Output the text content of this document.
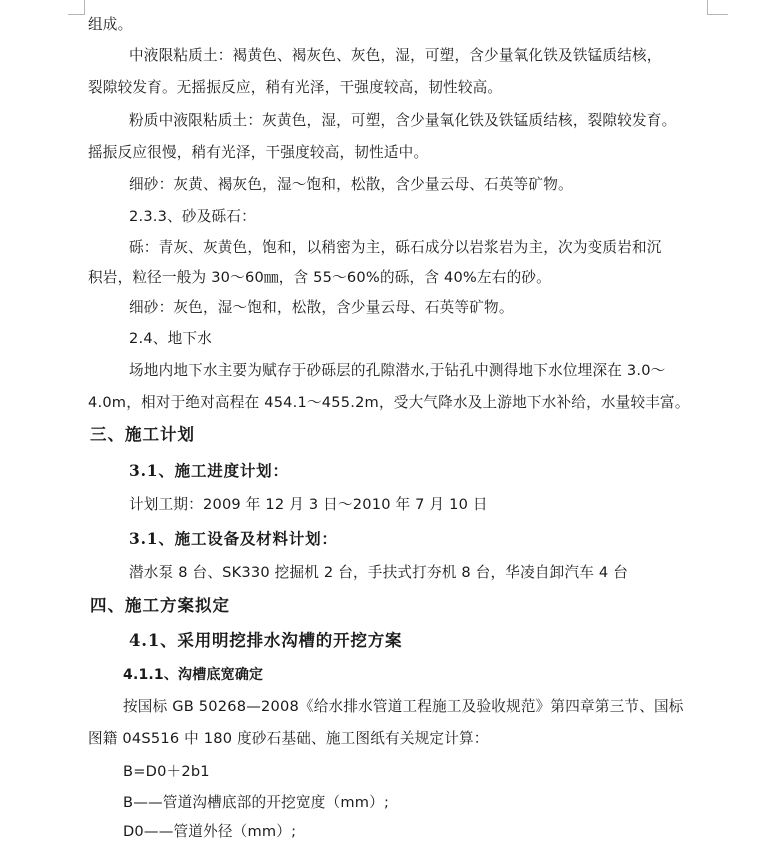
组成。
中液限粘质土：褐黄色、褐灰色、灰色，湿，可塑，含少量氧化铁及铁锰质结核，
裂隙较发育。无摇振反应，稍有光泽，干强度较高，韧性较高。
粉质中液限粘质土：灰黄色，湿，可塑，含少量氧化铁及铁锰质结核，裂隙较发育。
摇振反应很慢，稍有光泽，干强度较高，韧性适中。
细砂：灰黄、褐灰色，湿～饱和，松散，含少量云母、石英等矿物。
2.3.3、砂及砾石：
砾：青灰、灰黄色，饱和，以稍密为主，砾石成分以岩浆岩为主，次为变质岩和沉
积岩，粒径一般为 30～60㎜，含 55～60%的砾，含 40%左右的砂。
细砂：灰色，湿～饱和，松散，含少量云母、石英等矿物。
2.4、地下水
场地内地下水主要为赋存于砂砾层的孔隙潜水,于钻孔中测得地下水位埋深在 3.0～
4.0m，相对于绝对高程在 454.1～455.2m，受大气降水及上游地下水补给，水量较丰富。
三、施工计划
3.1、施工进度计划：
计划工期：2009 年 12 月 3 日～2010 年 7 月 10 日
3.1、施工设备及材料计划：
潜水泵 8 台、SK330 挖掘机 2 台，手扶式打夯机 8 台，华凌自卸汽车 4 台
四、施工方案拟定
4.1、采用明挖排水沟槽的开挖方案
4.1.1、沟槽底宽确定
按国标 GB 50268—2008《给水排水管道工程施工及验收规范》第四章第三节、国标
图籍 04S516 中 180 度砂石基础、施工图纸有关规定计算：
B=D0＋2b1
B——管道沟槽底部的开挖宽度（mm）;
D0——管道外径（mm）;
